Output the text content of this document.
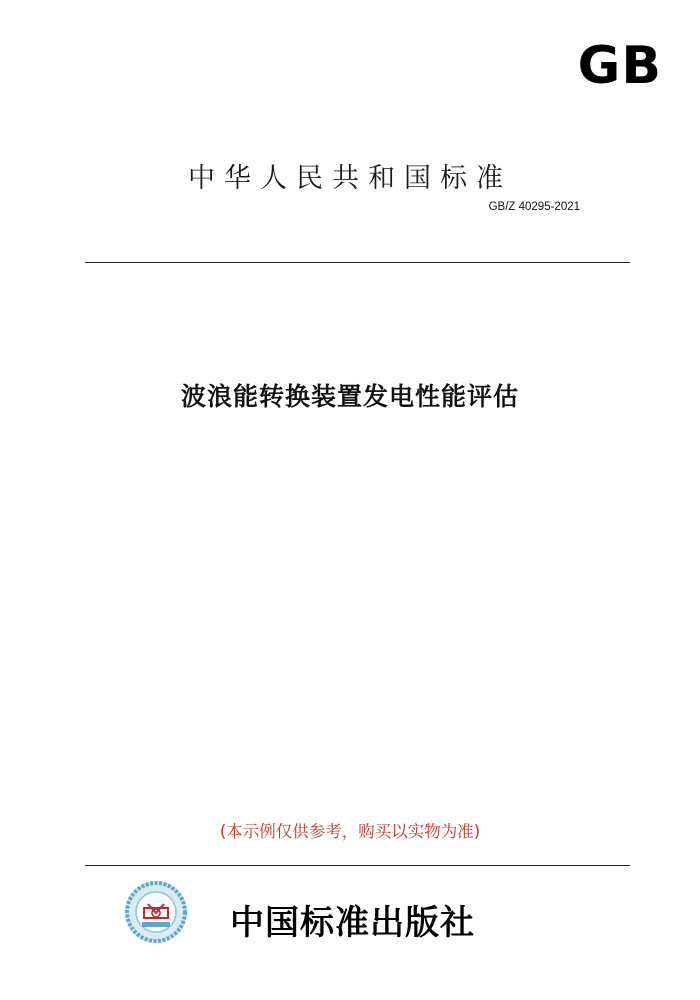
GB
中华人民共和国标准
GB/Z 40295-2021
波浪能转换装置发电性能评估
(本示例仅供参考，购买以实物为准)
中国标准出版社
